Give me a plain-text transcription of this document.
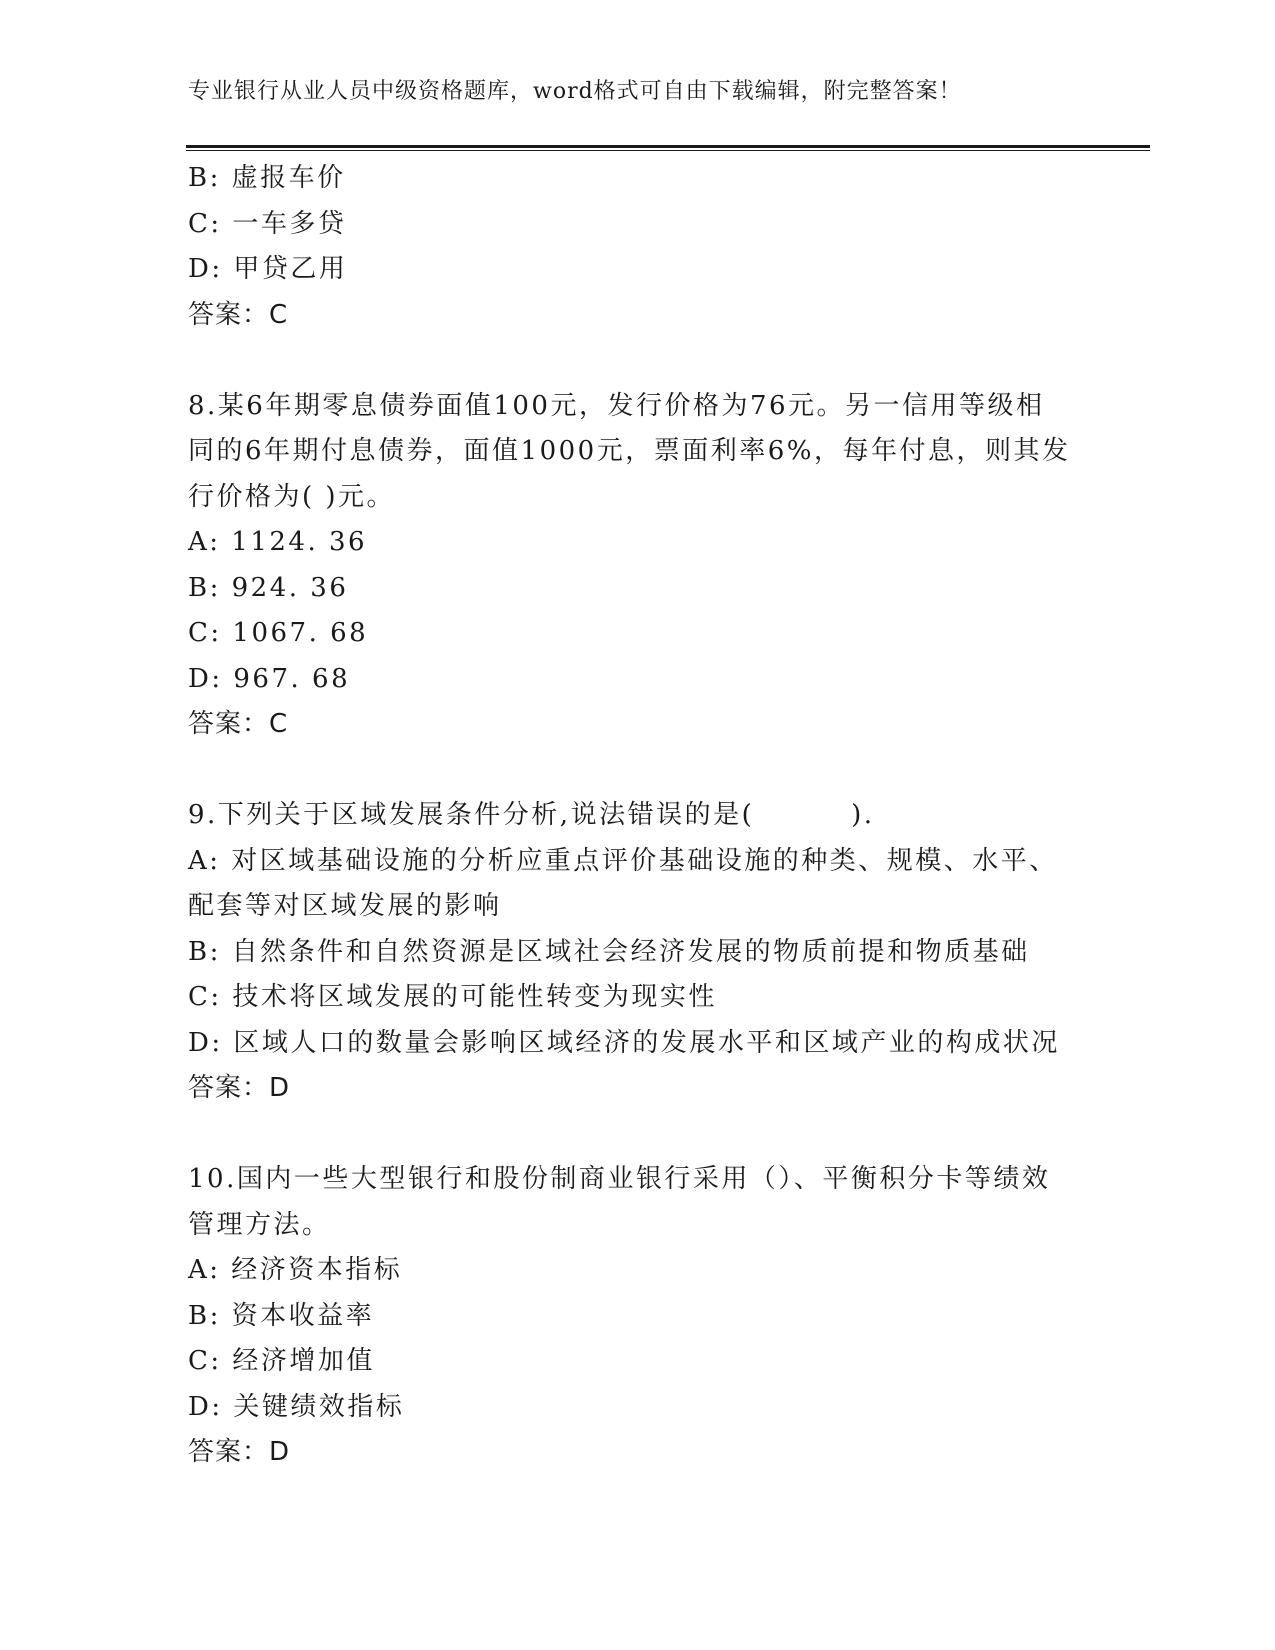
专业银行从业人员中级资格题库，word格式可自由下载编辑，附完整答案！
B: 虚报车价
C: 一车多贷
D: 甲贷乙用
答案：C
8.某6年期零息债券面值100元，发行价格为76元。另一信用等级相
同的6年期付息债券，面值1000元，票面利率6%，每年付息，则其发
行价格为( )元。
A: 1124. 36
B: 924. 36
C: 1067. 68
D: 967. 68
答案：C
9.下列关于区域发展条件分析,说法错误的是(         ).
A: 对区域基础设施的分析应重点评价基础设施的种类、规模、水平、
配套等对区域发展的影响
B: 自然条件和自然资源是区域社会经济发展的物质前提和物质基础
C: 技术将区域发展的可能性转变为现实性
D: 区域人口的数量会影响区域经济的发展水平和区域产业的构成状况
答案：D
10.国内一些大型银行和股份制商业银行采用（）、平衡积分卡等绩效
管理方法。
A: 经济资本指标
B: 资本收益率
C: 经济增加值
D: 关键绩效指标
答案：D
